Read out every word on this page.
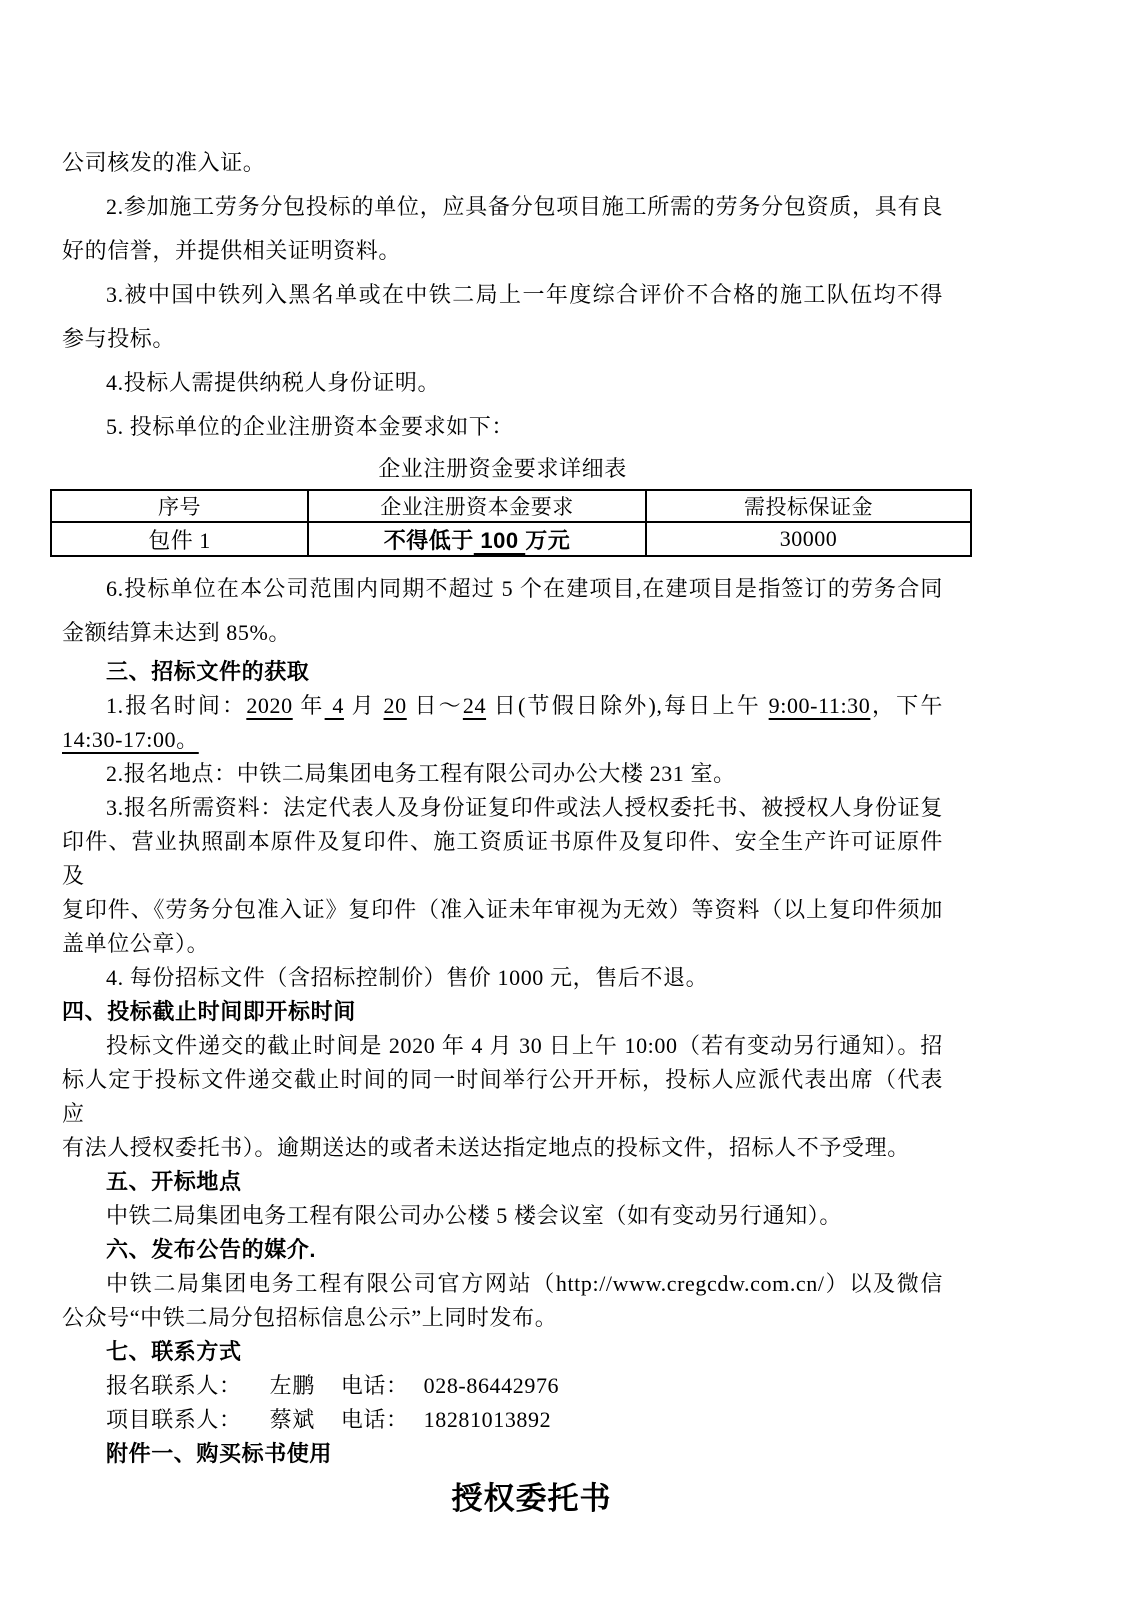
公司核发的准入证。
2.参加施工劳务分包投标的单位，应具备分包项目施工所需的劳务分包资质，具有良
好的信誉，并提供相关证明资料。
3.被中国中铁列入黑名单或在中铁二局上一年度综合评价不合格的施工队伍均不得
参与投标。
4.投标人需提供纳税人身份证明。
5. 投标单位的企业注册资本金要求如下：
企业注册资金要求详细表
序号	企业注册资本金要求	需投标保证金
包件 1	不得低于 100 万元	30000
6.投标单位在本公司范围内同期不超过 5 个在建项目,在建项目是指签订的劳务合同
金额结算未达到 85%。
三、招标文件的获取
1.报名时间：2020 年 4 月 20 日～24 日(节假日除外),每日上午 9:00-11:30，下午
14:30-17:00。
2.报名地点：中铁二局集团电务工程有限公司办公大楼 231 室。
3.报名所需资料：法定代表人及身份证复印件或法人授权委托书、被授权人身份证复
印件、营业执照副本原件及复印件、施工资质证书原件及复印件、安全生产许可证原件及
复印件、《劳务分包准入证》复印件（准入证未年审视为无效）等资料（以上复印件须加
盖单位公章）。
4. 每份招标文件（含招标控制价）售价 1000 元，售后不退。
四、投标截止时间即开标时间
投标文件递交的截止时间是 2020 年 4 月 30 日上午 10:00（若有变动另行通知）。招
标人定于投标文件递交截止时间的同一时间举行公开开标，投标人应派代表出席（代表应
有法人授权委托书）。逾期送达的或者未送达指定地点的投标文件，招标人不予受理。
五、开标地点
中铁二局集团电务工程有限公司办公楼 5 楼会议室（如有变动另行通知）。
六、发布公告的媒介.
中铁二局集团电务工程有限公司官方网站（http://www.cregcdw.com.cn/）以及微信
公众号“中铁二局分包招标信息公示”上同时发布。
七、联系方式
报名联系人： 左鹏 电话： 028-86442976
项目联系人： 蔡斌 电话： 18281013892
附件一、购买标书使用
授权委托书
